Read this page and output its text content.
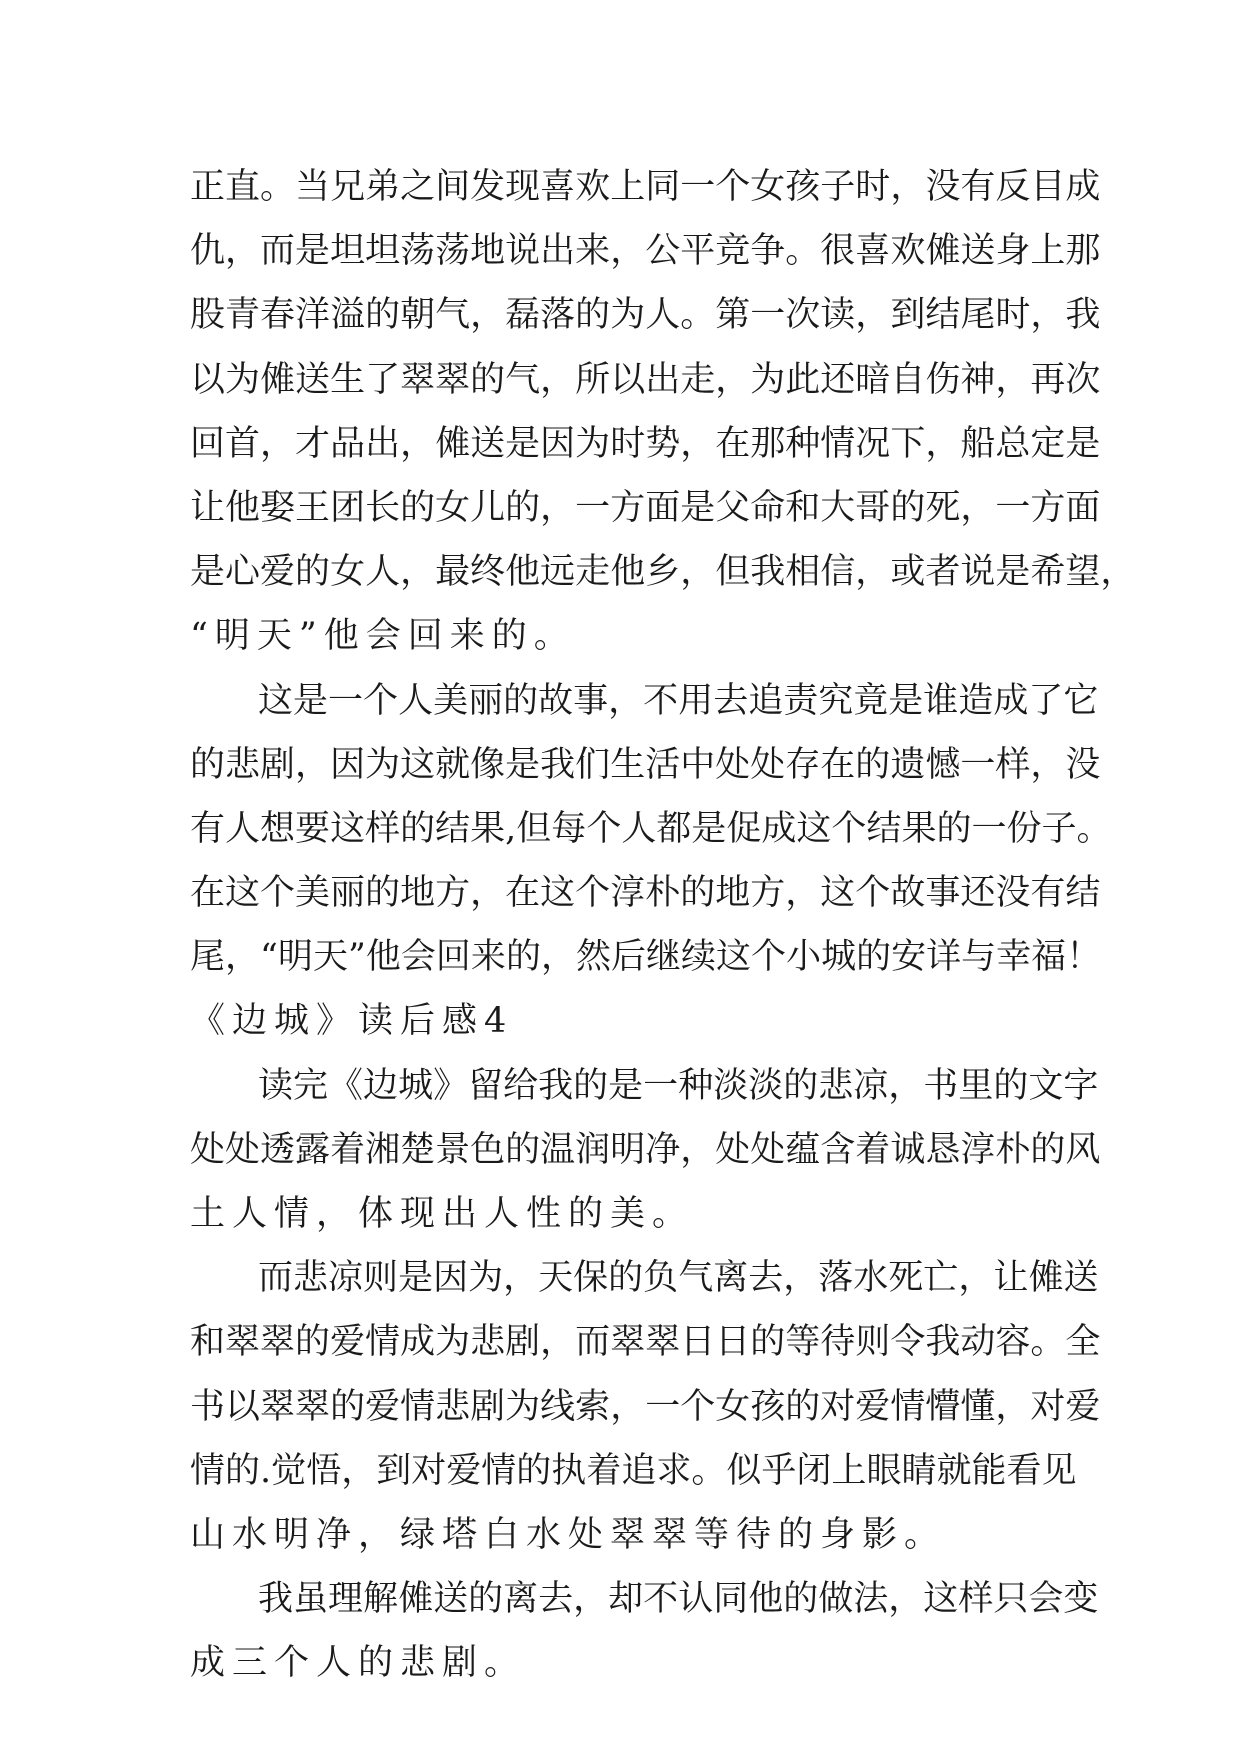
正 直 。 当 兄 弟 之 间 发 现 喜 欢 上 同 一 个 女 孩 子 时 ， 没 有 反 目 成
仇 ， 而 是 坦 坦 荡 荡 地 说 出 来 ， 公 平 竞 争 。 很 喜 欢 傩 送 身 上 那
股 青 春 洋 溢 的 朝 气 ， 磊 落 的 为 人 。 第 一 次 读 ， 到 结 尾 时 ， 我
以 为 傩 送 生 了 翠 翠 的 气 ， 所 以 出 走 ， 为 此 还 暗 自 伤 神 ， 再 次
回 首 ， 才 品 出 ， 傩 送 是 因 为 时 势 ， 在 那 种 情 况 下 ， 船 总 定 是
让 他 娶 王 团 长 的 女 儿 的 ， 一 方 面 是 父 命 和 大 哥 的 死 ， 一 方 面
是 心 爱 的 女 人 ， 最 终 他 远 走 他 乡 ， 但 我 相 信 ， 或 者 说 是 希 望 ，
“明天”他会回来的。
这 是 一 个 人 美 丽 的 故 事 ， 不 用 去 追 责 究 竟 是 谁 造 成 了 它
的 悲 剧 ， 因 为 这 就 像 是 我 们 生 活 中 处 处 存 在 的 遗 憾 一 样 ， 没
有 人 想 要 这 样 的 结 果 , 但 每 个 人 都 是 促 成 这 个 结 果 的 一 份 子 。
在 这 个 美 丽 的 地 方 ， 在 这 个 淳 朴 的 地 方 ， 这 个 故 事 还 没 有 结
尾 ， “ 明 天 ” 他 会 回 来 的 ， 然 后 继 续 这 个 小 城 的 安 详 与 幸 福 ！
《边城》读后感4
读 完 《 边 城 》 留 给 我 的 是 一 种 淡 淡 的 悲 凉 ， 书 里 的 文 字
处 处 透 露 着 湘 楚 景 色 的 温 润 明 净 ， 处 处 蕴 含 着 诚 恳 淳 朴 的 风
土人情，体现出人性的美。
而 悲 凉 则 是 因 为 ， 天 保 的 负 气 离 去 ， 落 水 死 亡 ， 让 傩 送
和 翠 翠 的 爱 情 成 为 悲 剧 ， 而 翠 翠 日 日 的 等 待 则 令 我 动 容 。 全
书 以 翠 翠 的 爱 情 悲 剧 为 线 索 ， 一 个 女 孩 的 对 爱 情 懵 懂 ， 对 爱
情 的 . 觉 悟 ， 到 对 爱 情 的 执 着 追 求 。 似 乎 闭 上 眼 睛 就 能 看 见
山水明净，绿塔白水处翠翠等待的身影。
我 虽 理 解 傩 送 的 离 去 ， 却 不 认 同 他 的 做 法 ， 这 样 只 会 变
成三个人的悲剧。
